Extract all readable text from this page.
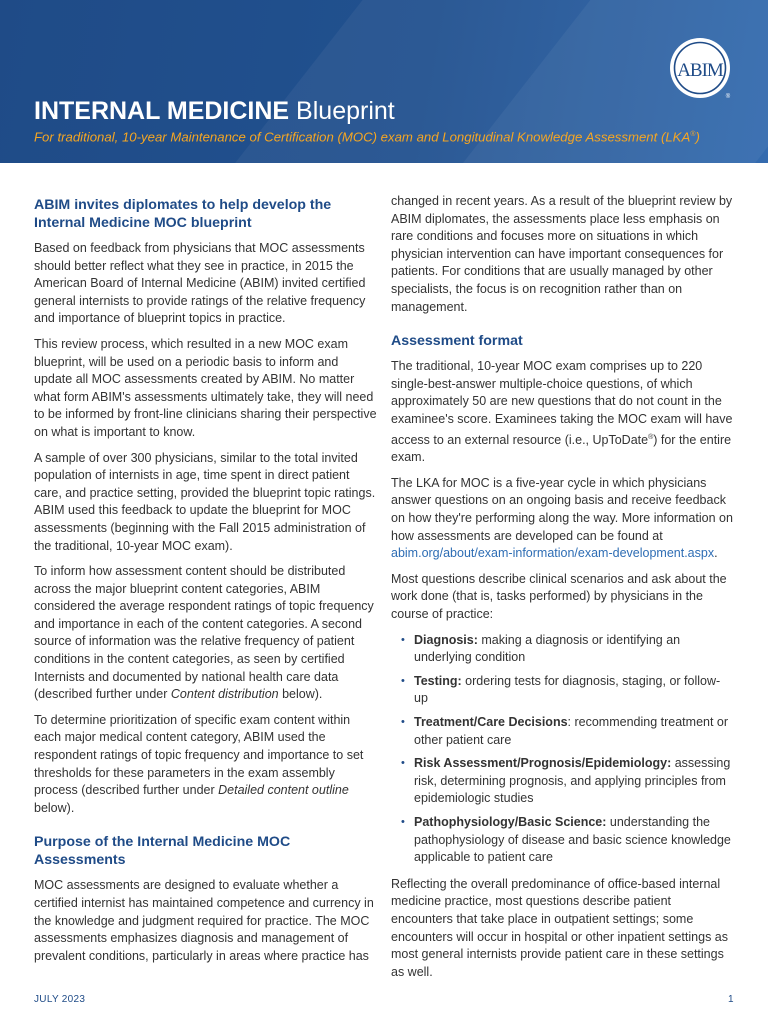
ABIM
®
INTERNAL MEDICINE Blueprint

For traditional, 10-year Maintenance of Certification (MOC) exam and Longitudinal Knowledge Assessment (LKA®)

ABIM invites diplomates to help develop the Internal Medicine MOC blueprint

Based on feedback from physicians that MOC assessments should better reflect what they see in practice, in 2015 the American Board of Internal Medicine (ABIM) invited certified general internists to provide ratings of the relative frequency and importance of blueprint topics in practice.

This review process, which resulted in a new MOC exam blueprint, will be used on a periodic basis to inform and update all MOC assessments created by ABIM. No matter what form ABIM's assessments ultimately take, they will need to be informed by front-line clinicians sharing their perspective on what is important to know.

A sample of over 300 physicians, similar to the total invited population of internists in age, time spent in direct patient care, and practice setting, provided the blueprint topic ratings. ABIM used this feedback to update the blueprint for MOC assessments (beginning with the Fall 2015 administration of the traditional, 10-year MOC exam).

To inform how assessment content should be distributed across the major blueprint content categories, ABIM considered the average respondent ratings of topic frequency and importance in each of the content categories. A second source of information was the relative frequency of patient conditions in the content categories, as seen by certified Internists and documented by national health care data (described further under Content distribution below).

To determine prioritization of specific exam content within each major medical content category, ABIM used the respondent ratings of topic frequency and importance to set thresholds for these parameters in the exam assembly process (described further under Detailed content outline below).

Purpose of the Internal Medicine MOC Assessments

MOC assessments are designed to evaluate whether a certified internist has maintained competence and currency in the knowledge and judgment required for practice. The MOC assessments emphasizes diagnosis and management of prevalent conditions, particularly in areas where practice has

changed in recent years. As a result of the blueprint review by ABIM diplomates, the assessments place less emphasis on rare conditions and focuses more on situations in which physician intervention can have important consequences for patients. For conditions that are usually managed by other specialists, the focus is on recognition rather than on management.

Assessment format

The traditional, 10-year MOC exam comprises up to 220 single-best-answer multiple-choice questions, of which approximately 50 are new questions that do not count in the examinee's score. Examinees taking the MOC exam will have access to an external resource (i.e., UpToDate®) for the entire exam.

The LKA for MOC is a five-year cycle in which physicians answer questions on an ongoing basis and receive feedback on how they're performing along the way. More information on how assessments are developed can be found at abim.org/about/exam-information/exam-development.aspx.

Most questions describe clinical scenarios and ask about the work done (that is, tasks performed) by physicians in the course of practice:

• Diagnosis: making a diagnosis or identifying an underlying condition
• Testing: ordering tests for diagnosis, staging, or follow-up
• Treatment/Care Decisions: recommending treatment or other patient care
• Risk Assessment/Prognosis/Epidemiology: assessing risk, determining prognosis, and applying principles from epidemiologic studies
• Pathophysiology/Basic Science: understanding the pathophysiology of disease and basic science knowledge applicable to patient care

Reflecting the overall predominance of office-based internal medicine practice, most questions describe patient encounters that take place in outpatient settings; some encounters will occur in hospital or other inpatient settings as most general internists provide patient care in these settings as well.

JULY 2023	1
